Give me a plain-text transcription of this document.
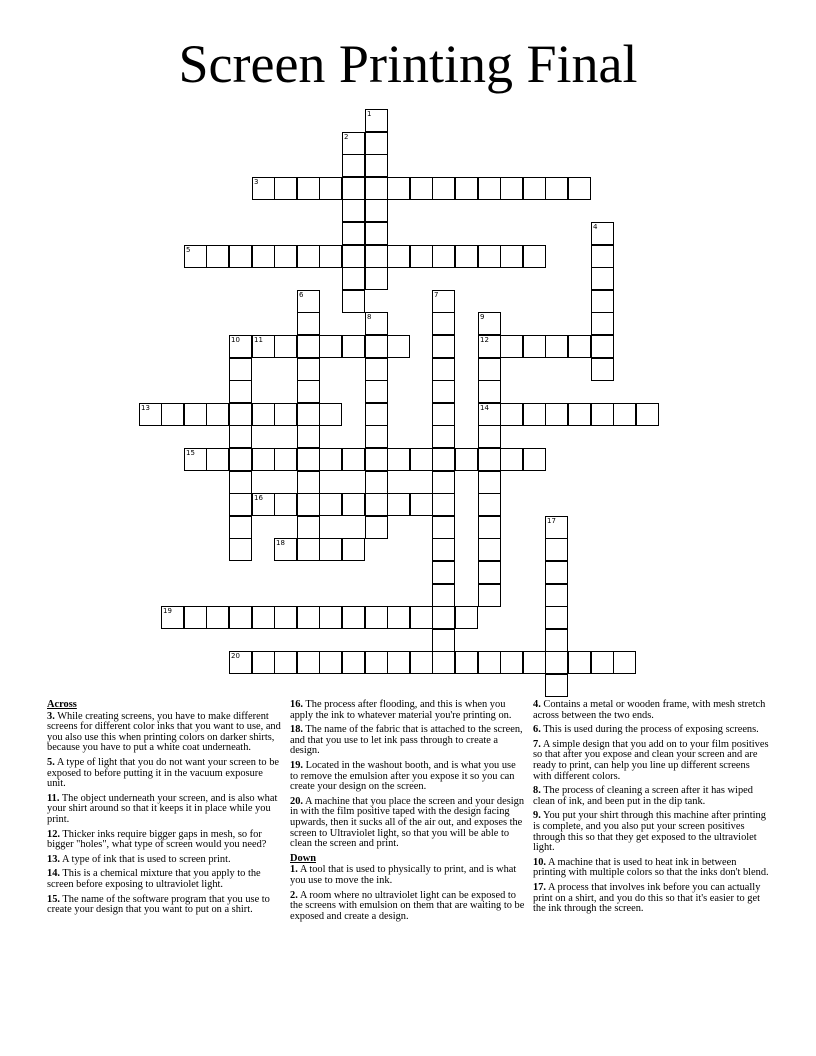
Screen Printing Final
1
2
3
4
5
6	7
8	9
12
14
10 11
13
15
16
17
18
19
20
Across
3. While creating screens, you have to make different screens for different color inks that you want to use, and you also use this when printing colors on darker shirts, because you have to put a white coat underneath.
5. A type of light that you do not want your screen to be exposed to before putting it in the vacuum exposure unit.
11. The object underneath your screen, and is also what your shirt around so that it keeps it in place while you print.
12. Thicker inks require bigger gaps in mesh, so for bigger "holes", what type of screen would you need?
13. A type of ink that is used to screen print.
14. This is a chemical mixture that you apply to the screen before exposing to ultraviolet light.
15. The name of the software program that you use to create your design that you want to put on a shirt.
16. The process after flooding, and this is when you apply the ink to whatever material you're printing on.
18. The name of the fabric that is attached to the screen, and that you use to let ink pass through to create a design.
19. Located in the washout booth, and is what you use to remove the emulsion after you expose it so you can create your design on the screen.
20. A machine that you place the screen and your design in with the film positive taped with the design facing upwards, then it sucks all of the air out, and exposes the screen to Ultraviolet light, so that you will be able to clean the screen and print.
Down
1. A tool that is used to physically to print, and is what you use to move the ink.
2. A room where no ultraviolet light can be exposed to the screens with emulsion on them that are waiting to be exposed and create a design.
4. Contains a metal or wooden frame, with mesh stretch across between the two ends.
6. This is used during the process of exposing screens.
7. A simple design that you add on to your film positives so that after you expose and clean your screen and are ready to print, can help you line up different screens with different colors.
8. The process of cleaning a screen after it has wiped clean of ink, and been put in the dip tank.
9. You put your shirt through this machine after printing is complete, and you also put your screen positives through this so that they get exposed to the ultraviolet light.
10. A machine that is used to heat ink in between printing with multiple colors so that the inks don't blend.
17. A process that involves ink before you can actually print on a shirt, and you do this so that it's easier to get the ink through the screen.
